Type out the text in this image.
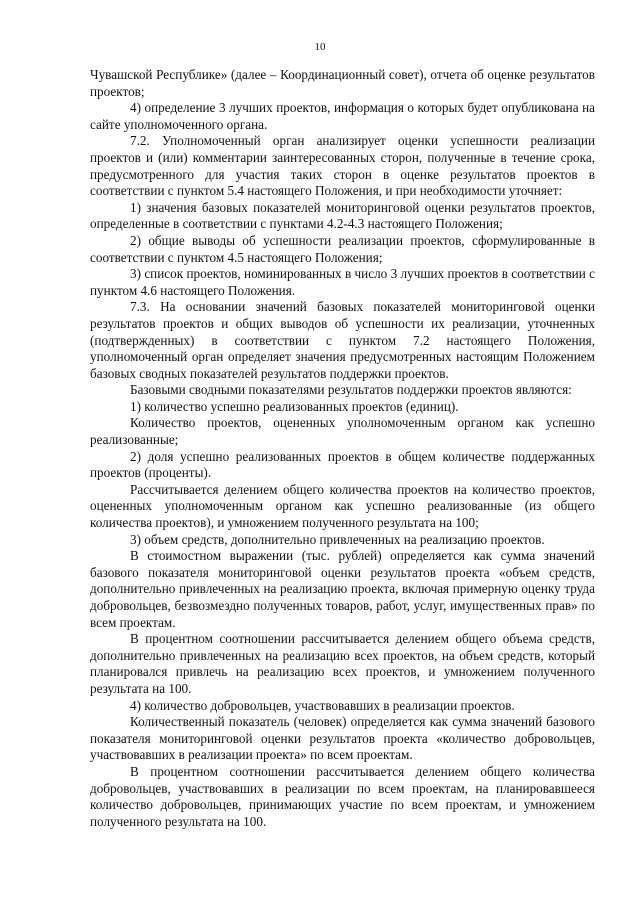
10

Чувашской Республике» (далее – Координационный совет), отчета об оценке результатов проектов;

4) определение 3 лучших проектов, информация о которых будет опубликована на сайте уполномоченного органа.

7.2. Уполномоченный орган анализирует оценки успешности реализации проектов и (или) комментарии заинтересованных сторон, полученные в течение срока, предусмотренного для участия таких сторон в оценке результатов проектов в соответствии с пунктом 5.4 настоящего Положения, и при необходимости уточняет:

1) значения базовых показателей мониторинговой оценки результатов проектов, определенные в соответствии с пунктами 4.2-4.3 настоящего Положения;

2) общие выводы об успешности реализации проектов, сформулированные в соответствии с пунктом 4.5 настоящего Положения;

3) список проектов, номинированных в число 3 лучших проектов в соответствии с пунктом 4.6 настоящего Положения.

7.3. На основании значений базовых показателей мониторинговой оценки результатов проектов и общих выводов об успешности их реализации, уточненных (подтвержденных) в соответствии с пунктом 7.2 настоящего Положения, уполномоченный орган определяет значения предусмотренных настоящим Положением базовых сводных показателей результатов поддержки проектов.

Базовыми сводными показателями результатов поддержки проектов являются:

1) количество успешно реализованных проектов (единиц).

Количество проектов, оцененных уполномоченным органом как успешно реализованные;

2) доля успешно реализованных проектов в общем количестве поддержанных проектов (проценты).

Рассчитывается делением общего количества проектов на количество проектов, оцененных уполномоченным органом как успешно реализованные (из общего количества проектов), и умножением полученного результата на 100;

3) объем средств, дополнительно привлеченных на реализацию проектов.

В стоимостном выражении (тыс. рублей) определяется как сумма значений базового показателя мониторинговой оценки результатов проекта «объем средств, дополнительно привлеченных на реализацию проекта, включая примерную оценку труда добровольцев, безвозмездно полученных товаров, работ, услуг, имущественных прав» по всем проектам.

В процентном соотношении рассчитывается делением общего объема средств, дополнительно привлеченных на реализацию всех проектов, на объем средств, который планировался привлечь на реализацию всех проектов, и умножением полученного результата на 100.

4) количество добровольцев, участвовавших в реализации проектов.

Количественный показатель (человек) определяется как сумма значений базового показателя мониторинговой оценки результатов проекта «количество добровольцев, участвовавших в реализации проекта» по всем проектам.

В процентном соотношении рассчитывается делением общего количества добровольцев, участвовавших в реализации по всем проектам, на планировавшееся количество добровольцев, принимающих участие по всем проектам, и умножением полученного результата на 100.
